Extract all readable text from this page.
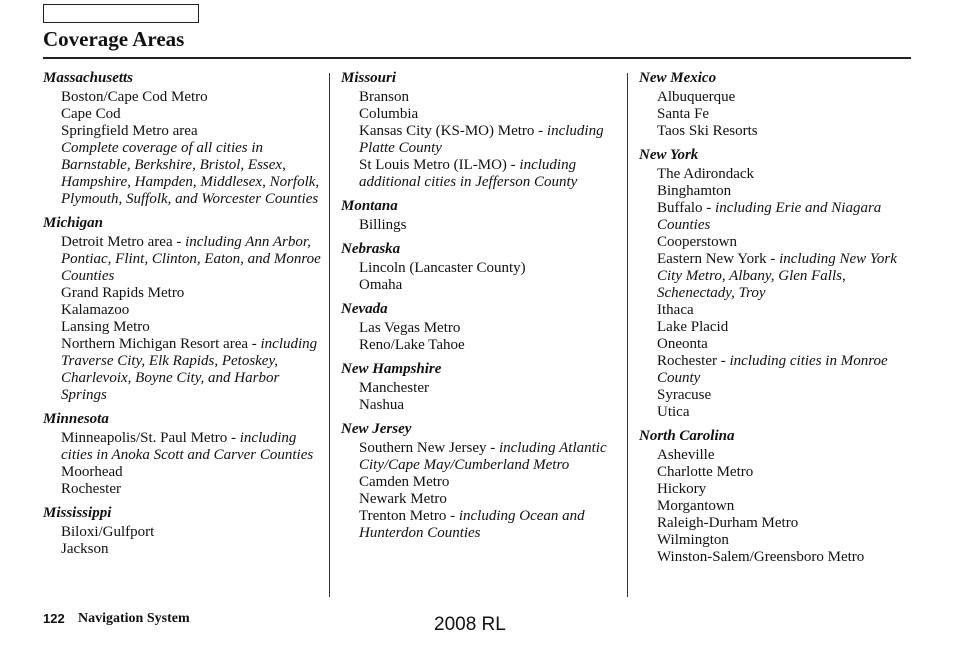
Coverage Areas
Massachusetts
Boston/Cape Cod Metro
Cape Cod
Springfield Metro area
Complete coverage of all cities in Barnstable, Berkshire, Bristol, Essex, Hampshire, Hampden, Middlesex, Norfolk, Plymouth, Suffolk, and Worcester Counties
Michigan
Detroit Metro area - including Ann Arbor, Pontiac, Flint, Clinton, Eaton, and Monroe Counties
Grand Rapids Metro
Kalamazoo
Lansing Metro
Northern Michigan Resort area - including Traverse City, Elk Rapids, Petoskey, Charlevoix, Boyne City, and Harbor Springs
Minnesota
Minneapolis/St. Paul Metro - including cities in Anoka Scott and Carver Counties
Moorhead
Rochester
Mississippi
Biloxi/Gulfport
Jackson
Missouri
Branson
Columbia
Kansas City (KS-MO) Metro - including Platte County
St Louis Metro (IL-MO) - including additional cities in Jefferson County
Montana
Billings
Nebraska
Lincoln (Lancaster County)
Omaha
Nevada
Las Vegas Metro
Reno/Lake Tahoe
New Hampshire
Manchester
Nashua
New Jersey
Southern New Jersey - including Atlantic City/Cape May/Cumberland Metro
Camden Metro
Newark Metro
Trenton Metro - including Ocean and Hunterdon Counties
New Mexico
Albuquerque
Santa Fe
Taos Ski Resorts
New York
The Adirondack
Binghamton
Buffalo - including Erie and Niagara Counties
Cooperstown
Eastern New York - including New York City Metro, Albany, Glen Falls, Schenectady, Troy
Ithaca
Lake Placid
Oneonta
Rochester - including cities in Monroe County
Syracuse
Utica
North Carolina
Asheville
Charlotte Metro
Hickory
Morgantown
Raleigh-Durham Metro
Wilmington
Winston-Salem/Greensboro Metro
122 Navigation System	2008 RL
